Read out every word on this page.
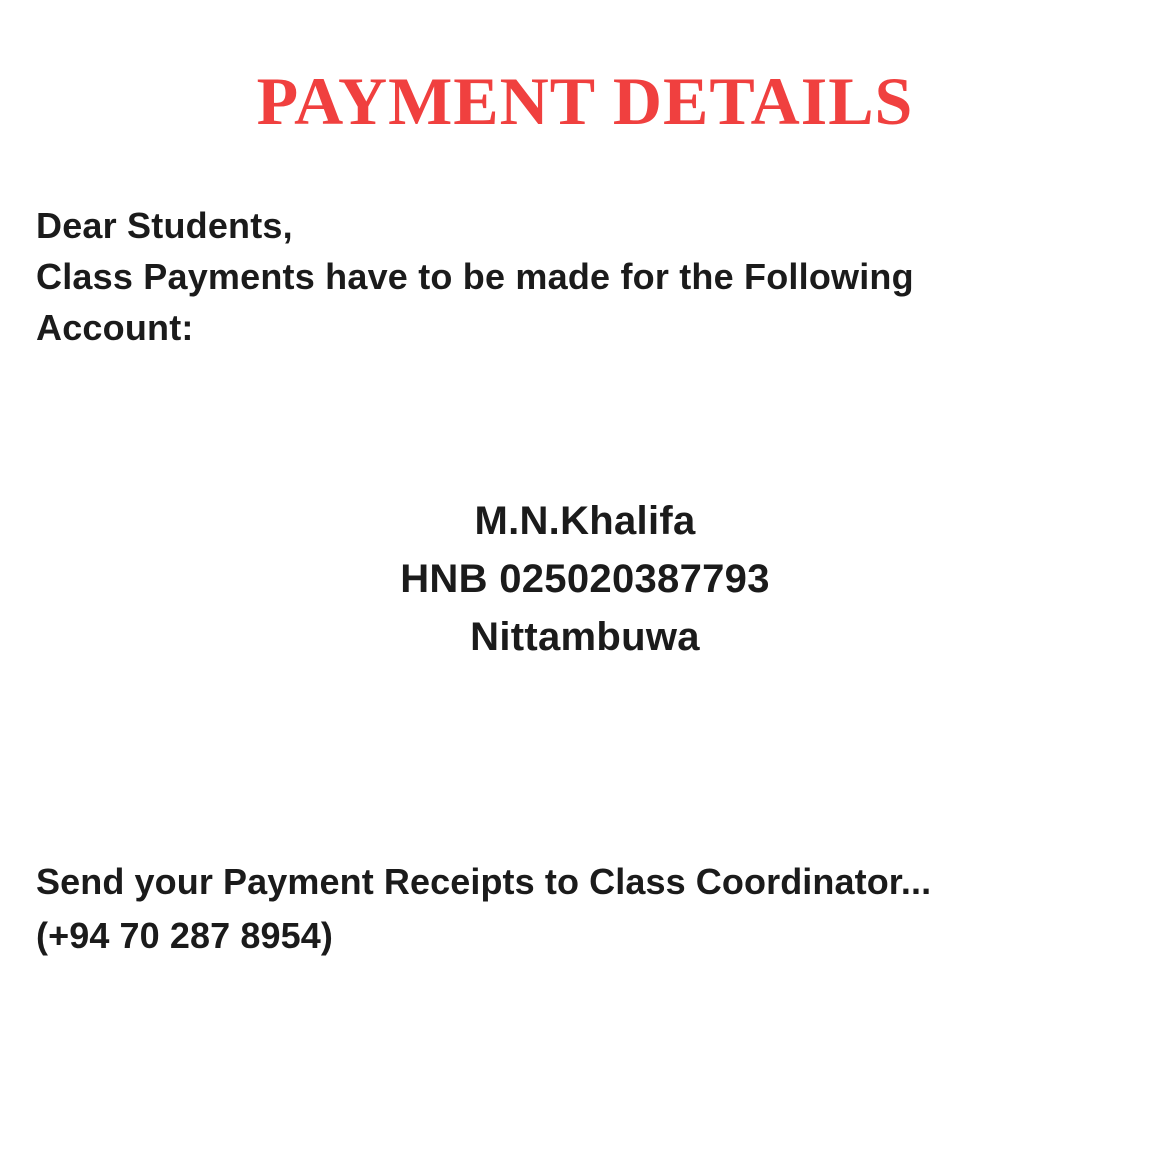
PAYMENT DETAILS
Dear Students,
Class Payments have to be made for the Following
Account:
M.N.Khalifa
HNB 025020387793
Nittambuwa
Send your Payment Receipts to Class Coordinator...
(+94 70 287 8954)
